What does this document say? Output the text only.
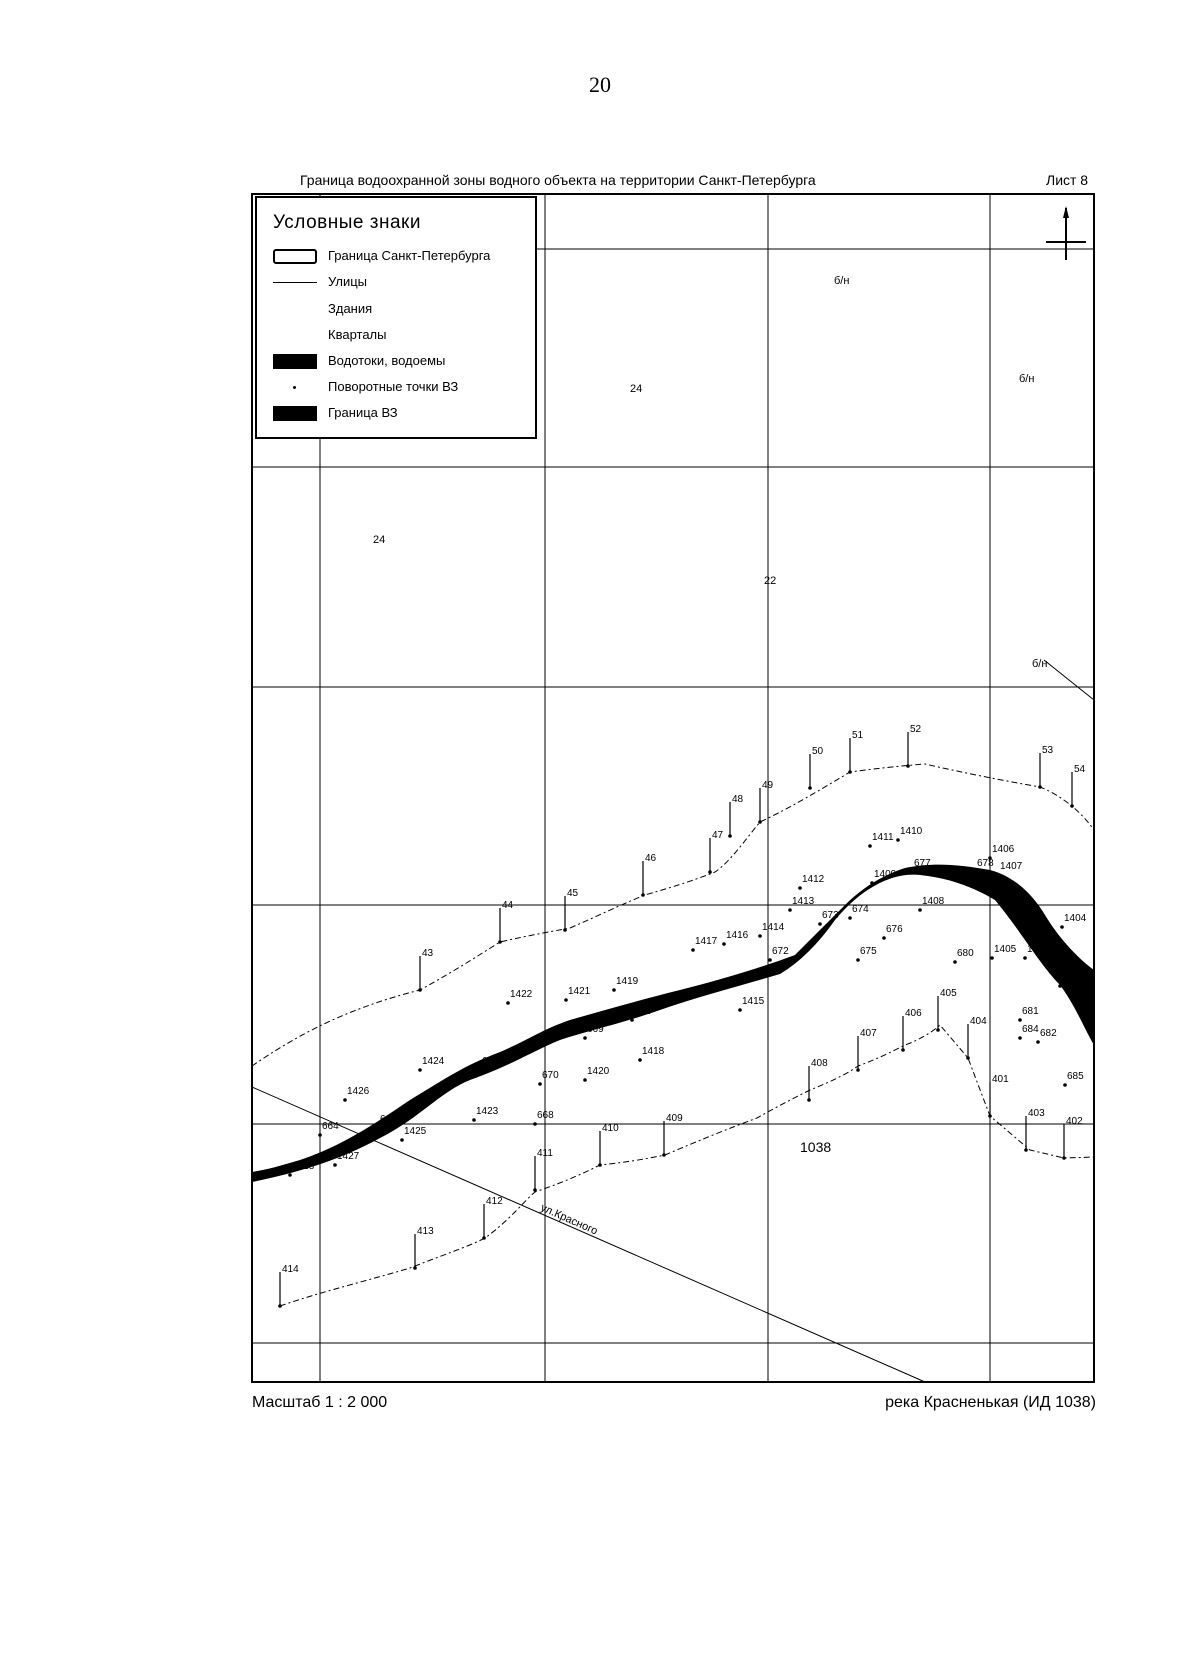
20
Граница водоохранной зоны водного объекта на территории Санкт-Петербурга	Лист 8
24
24
22
б/н
б/н
б/н
1038
ул.Красного
43
44
45
46
47
48
49
50
51
52
53
54
414
413
412
411
410
409
408
407
406
405
404
403
402
401
1428
1427
1426
1425
1424
1423
1422	1421
1420
1419
1418
1417
1416
1415
1414
1413
1412
1411
1410
1409
1408
1407
1406
1405
1404
1403
664
665
666
667
668
669
670
671
672
673
674
675
676
677	678
679
680
681
682
683
684
685
Условные знаки
Граница Санкт-Петербурга
Улицы
Здания
Кварталы
Водотоки, водоемы
Поворотные точки ВЗ
Граница ВЗ
Масштаб 1 : 2 000	река Красненькая (ИД 1038)
